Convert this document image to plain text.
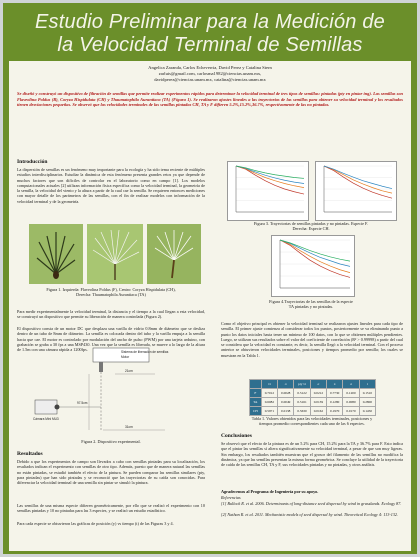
Estudio Preliminar para la Medición de
la Velocidad Terminal de Semillas
Angelica Zaranda, Carlos Echeverria, David Perez y Catalina Stern
zarluis@gmail.com, carlosma1982@ciencias.unam.mx,
davidperez@ciencias.unam.mx, catalina@ciencias.unam.mx
Se diseñó y construyó un dispositivo de filtración de semillas que permite realizar experimentos rápidos para determinar la velocidad terminal de tres tipos de semillas: pintadas (pty en pintar ing). Las semillas son Flaveolina Poldus (R), Coryza Hispidulata (CH) y Thaumatophila Aurantiaca (TA) (Figura 1). Se realizaron ajustes lineales a las trayectorias de las semillas para obtener su velocidad terminal y los resultados tienen desviaciones pequeñas. Se observó que las velocidades terminales de las semillas pintadas CH, TA y F difieren 5.2%,15.2%,36.7%, respectivamente de las no pintadas.
Introducción
La dispersión de semillas es un fenómeno muy importante para la ecología y ha sido tema reciente de múltiples estudios interdisciplinarios. Estudiar la dinámica de esta fenómeno presenta grandes retos ya que depende de muchos factores que son difíciles de controlar en el laboratorio como en campo [1]. Los modelos computacionales actuales [2] utilizan información física específica como la velocidad terminal, la geometría de la semilla, la velocidad del viento y la altura a partir de la cual cae la semilla. Se requieren entonces mediciones con mayor detalle de los parámetros de las semillas, con el fin de realizar modelos con información de la velocidad terminal y de la geometría.
Figura 1. Izquierda: Flaveolina Poldus (F), Centro: Coryza Hispidulata (CH),
Derecha: Thaumatophila Aurantiaca (TA)
Para medir experimentalmente la velocidad terminal, la distancia y el tiempo a la cual llegan a esta velocidad, se construyó un dispositivo que permite su liberación de manera controlada (Figura 2).
El dispositivo consta de un motor DC que desplaza una varilla de vidrio 0.8mm de diámetro que se desliza dentro de un tubo de 8mm de diámetro. La semilla es colocada dentro del tubo y la varilla empuja a la semilla hacia que cae. El motor es controlado por modulación del ancho de pulso (PWM) por una tarjeta arduino, con grabación se graba a 30 fps a una MSP430. Una vez que la semilla es liberada, se mueve a lo largo de la altura de 1.5m con una cámara rápida a 1200fps.	Sistema de liberación de semillas
Motor
Cámara Mini MU3
21cm
97.5cm
31cm
Figura 2. Dispositivo experimental.
Resultados
Debido a que los experimentos de campo son llevados a cabo con semillas pintadas para su localización, los resultados indican el experimento con semillas de otro tipo. Además, puesto que de manera natural las semillas no están pintadas, se estudió también el efecto de la pintura. Se pueden comparar las semillas similares (pty, para pintadas) que han sido pintadas y se reconoció que las trayectorias de su caída son conocidas. Para diferenciar la velocidad terminal de una semilla sin pintar se simuló la pintura.
Las semillas de una misma especie difieren geométricamente, por ello que se realizó el experimento con 10 semillas pintadas y 10 no pintadas para las 3 especies, y se realizó un estudio estadístico.
Para cada especie se obtuvieron las gráficas de posición (y) vs tiempo (t) de las Figuras 3 y 4.
Figura 3. Trayectorias de semillas pintadas y no pintadas. Especie F.
Derecha: Especie CH.
Figura 4.Trayectorias de las semillas de la especie
TA pintadas y no pintadas.
Como el objetivo principal es obtener la velocidad terminal se realizaron ajustes lineales para cada tipo de semilla. El primer ajuste comienza al considerar todos los puntos, posteriormente se va eliminando punto a punto los datos iniciales hasta tener un mínimo de 100 datos, con lo que se obtienen múltiples pendientes. Luego, se utilizan sus resultados sobre el valor del coeficiente de correlación (R² > 0.99998) a partir del cual se considera que la velocidad es constante, es decir, la semilla llegó a la velocidad terminal. Con el proceso anterior se obtuvieron velocidades terminales, posiciones y tiempos promedio por semilla; los cuales se muestran en la Tabla 1.
	vt	σ	pty vt	σ	x	σ	t
F	0.7012	0.0028	0.5122	0.0212	0.7730	0.1200	0.1510
TA	0.6082	0.0049	0.5161	0.0139	0.1280	0.0080	0.2800
CH	0.5971	0.0138	0.5630	0.0162	0.1970	0.0170	0.1450
Tabla 1. Valores obtenidos para las velocidades terminales, posiciones y
tiempos promedio correspondientes cada uno de las 6 especies.
Conclusiones
Se observó que el efecto de la pintura es de un 5.2% para CH, 15.2% para la TA y 36.7% para F. Esto indica que el pintar las semillas sí altera significativamente su velocidad terminal, a pesar de que son muy ligeras. Sin embargo, los resultados también muestran que el grosor del filamento de las semillas no modifica la dinámica, ya que las semillas presentan la misma forma geométrica. Se concluye la utilidad de la trayectoria de caída de las semillas CH, TA y F, sus velocidades pintadas y no pintadas, y otros análisis.
Agradecemos al Programa de Ingeniería por su apoyo.
Referencias
[1] Bullock R. et al. 2006. Determinants of long-distance seed dispersal by wind in grasslands. Ecology 87.
[2] Nathan R. et al. 2011. Mechanistic models of seed dispersal by wind. Theoretical Ecology 4: 113-132.
